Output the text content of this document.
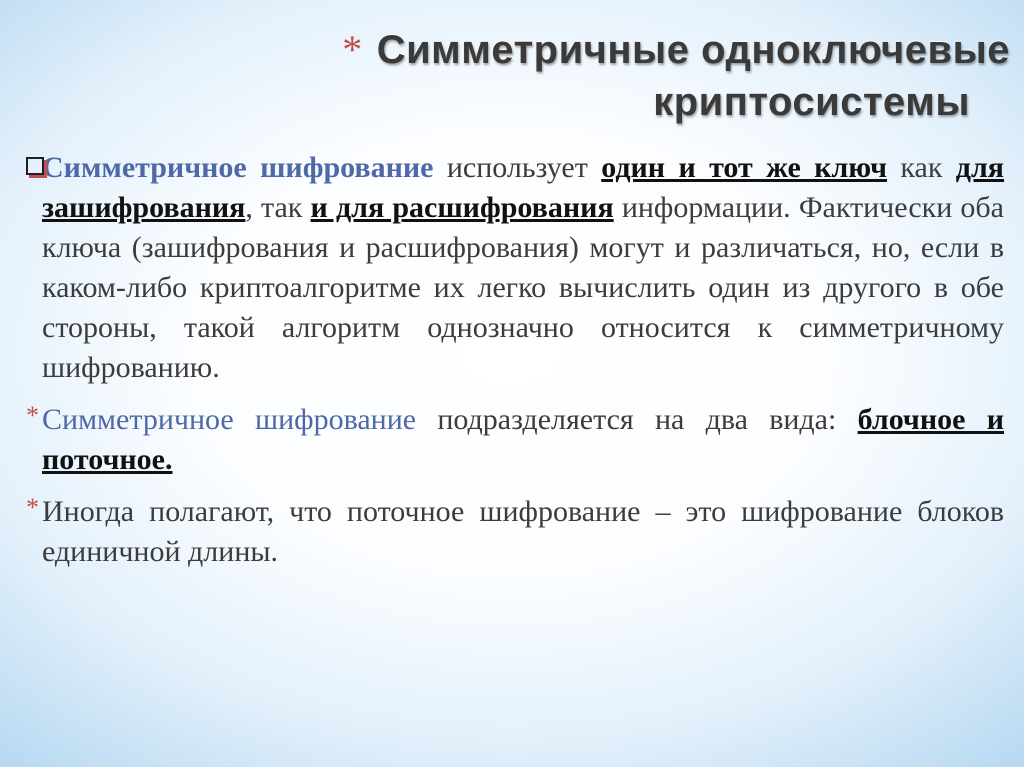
* Симметричные одноключевые
криптосистемы

Симметричное шифрование использует один и тот же ключ как для зашифрования, так и для расшифрования информации. Фактически оба ключа (зашифрования и расшифрования) могут и различаться, но, если в каком-либо криптоалгоритме их легко вычислить один из другого в обе стороны, такой алгоритм однозначно относится к симметричному шифрованию.

* Симметричное шифрование подразделяется на два вида: блочное и поточное.

* Иногда полагают, что поточное шифрование – это шифрование блоков единичной длины.
